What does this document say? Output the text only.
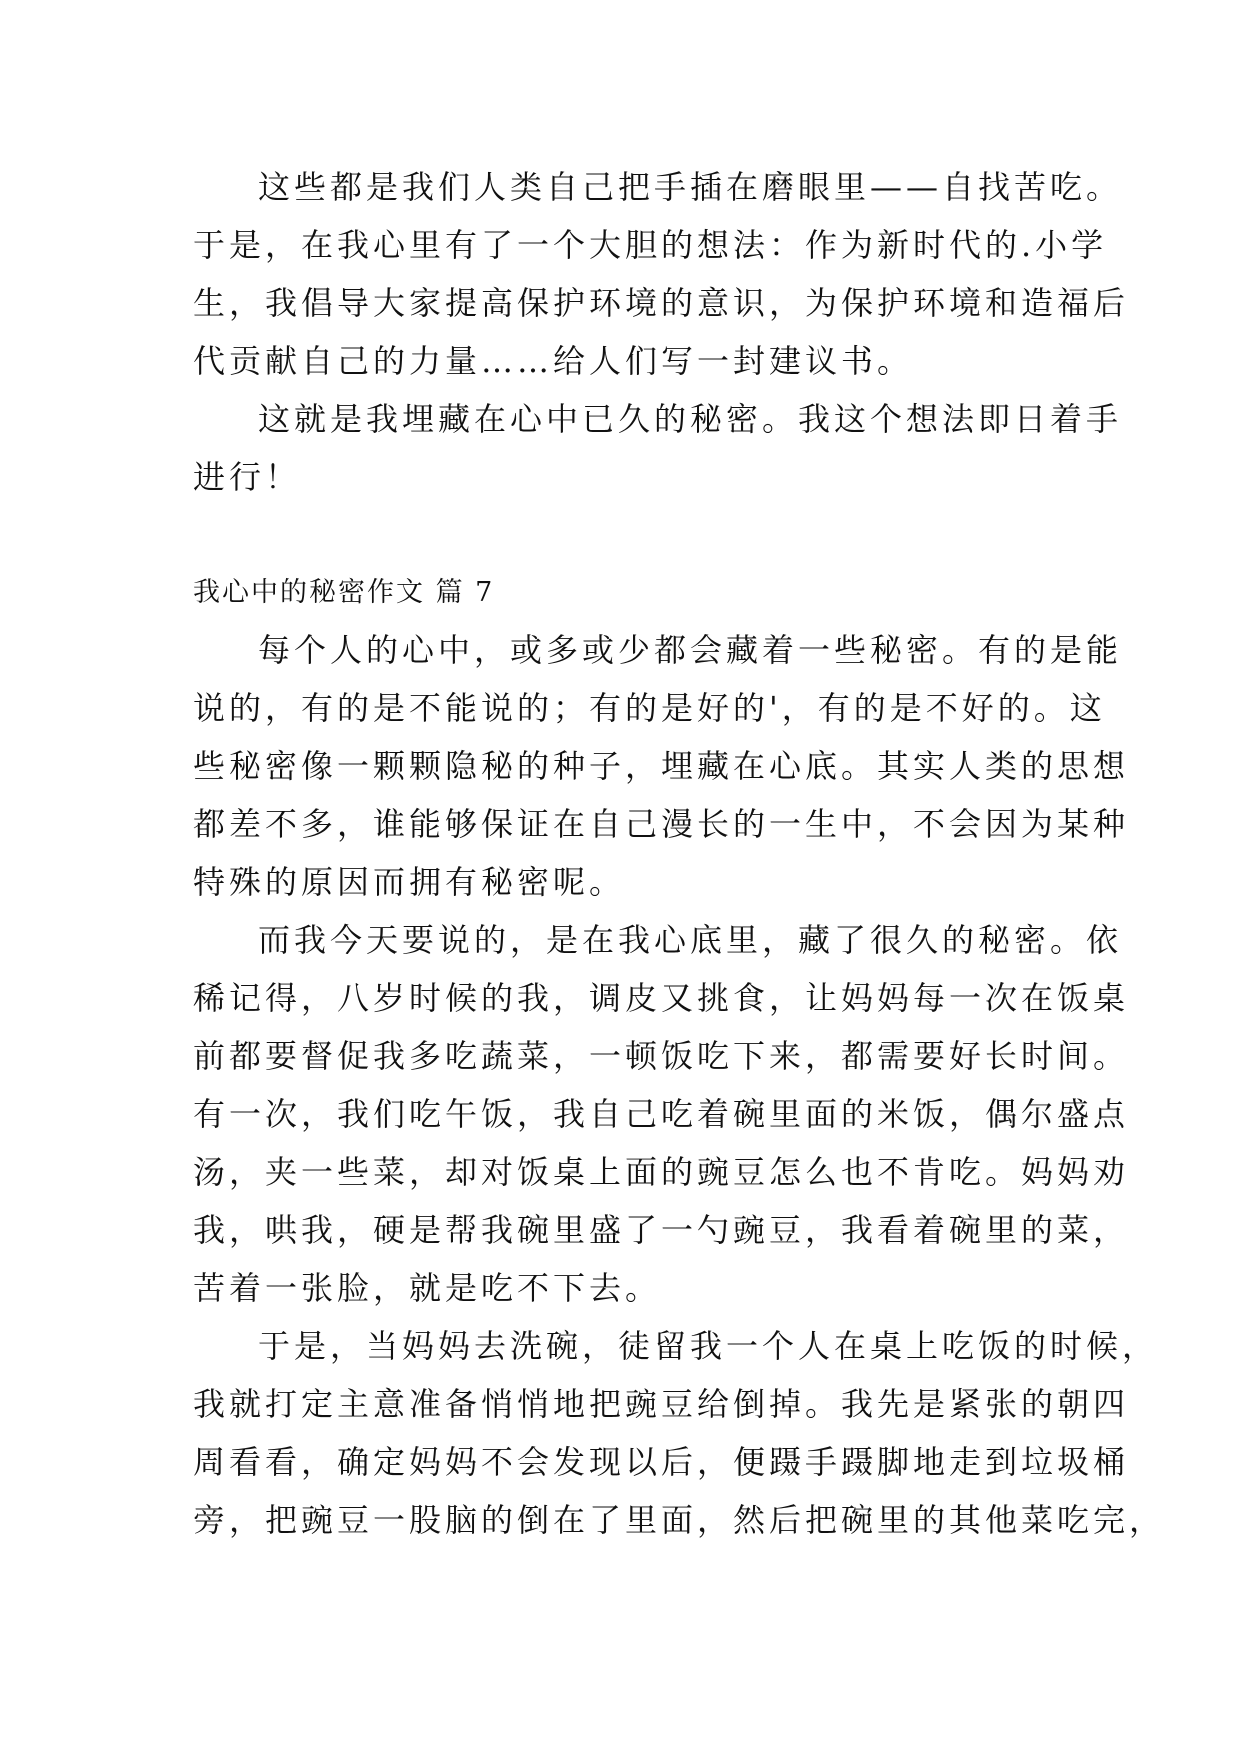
这些都是我们人类自己把手插在磨眼里——自找苦吃。
于是，在我心里有了一个大胆的想法：作为新时代的.小学
生，我倡导大家提高保护环境的意识，为保护环境和造福后
代贡献自己的力量……给人们写一封建议书。
这就是我埋藏在心中已久的秘密。我这个想法即日着手
进行！
我心中的秘密作文 篇 7
每个人的心中，或多或少都会藏着一些秘密。有的是能
说的，有的是不能说的；有的是好的'，有的是不好的。这
些秘密像一颗颗隐秘的种子，埋藏在心底。其实人类的思想
都差不多，谁能够保证在自己漫长的一生中，不会因为某种
特殊的原因而拥有秘密呢。
而我今天要说的，是在我心底里，藏了很久的秘密。依
稀记得，八岁时候的我，调皮又挑食，让妈妈每一次在饭桌
前都要督促我多吃蔬菜，一顿饭吃下来，都需要好长时间。
有一次，我们吃午饭，我自己吃着碗里面的米饭，偶尔盛点
汤，夹一些菜，却对饭桌上面的豌豆怎么也不肯吃。妈妈劝
我，哄我，硬是帮我碗里盛了一勺豌豆，我看着碗里的菜，
苦着一张脸，就是吃不下去。
于是，当妈妈去洗碗，徒留我一个人在桌上吃饭的时候，
我就打定主意准备悄悄地把豌豆给倒掉。我先是紧张的朝四
周看看，确定妈妈不会发现以后，便蹑手蹑脚地走到垃圾桶
旁，把豌豆一股脑的倒在了里面，然后把碗里的其他菜吃完，
